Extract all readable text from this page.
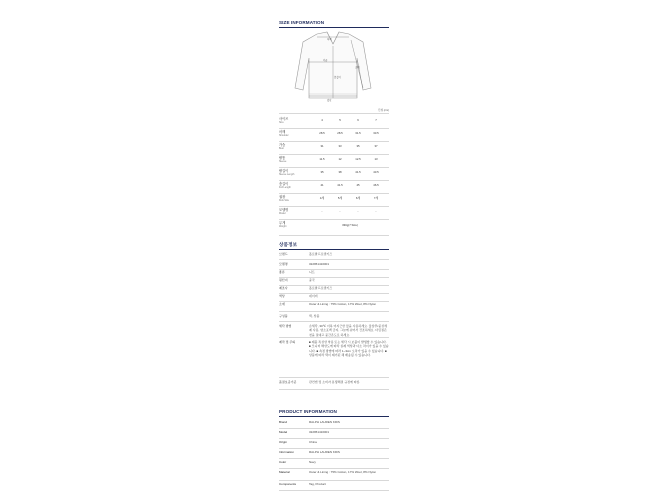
SIZE INFORMATION
어깨
가슴
소매
총길이
밑단
단위 (cm)
사이즈
Size
4	5	6	7
어깨
Shoulder
28.5	28.5	31.5	33.5
가슴
Bust
31	33	35	37
팔통
Sleeve
11.5	12	12.5	13
팔길이
Sleeve Length
35	38	41.5	43.5
총길이
Full Length
41	41.5	45	46.5
권장
Kids Size
4세	5세	6세	7세
모델명
Model
-	-	-	-
무게
Weight	330g(7 Size)
상품정보
브랜드	폴로랄프로렌키즈
모델명	322951410001
종류	니트
원산지	중국
제조사	폴로랄프로렌키즈
색상	네이비
소재	Outer & Lining : 75% Cotton, 17% Wool, 8% Nylon
구성품	택, 상품
세탁 방법	손세탁, 30℃ 이하 미지근한 물을 사용하세요. 울샴푸/중성세제 사용, 염소표백 금지, 그늘에 뉘어서 건조하세요. 다림질은 천을 덧대고 중간온도로 하세요.
제작 및 주의	■ 제품 특성상 착용 또는 세탁 시 보풀이 발생할 수 있습니다. ■ 모니터 해상도에 따라 실제 색상과 다소 차이가 있을 수 있습니다. ■ 측정 방법에 따라 1~3cm 오차가 있을 수 있습니다. ■ 상품에 따라 택이 제거된 채 배송될 수 있습니다.
품질보증기준	관련법 및 소비자 분쟁해결 규정에 따름
PRODUCT INFORMATION
Brand	RALPH LAUREN KIDS
Model	322951410001
Origin	China
Information	RALPH LAUREN KIDS
Color	Navy
Material	Outer & Lining : 75% Cotton, 17% Wool, 8% Nylon
Components	Tag, Product
